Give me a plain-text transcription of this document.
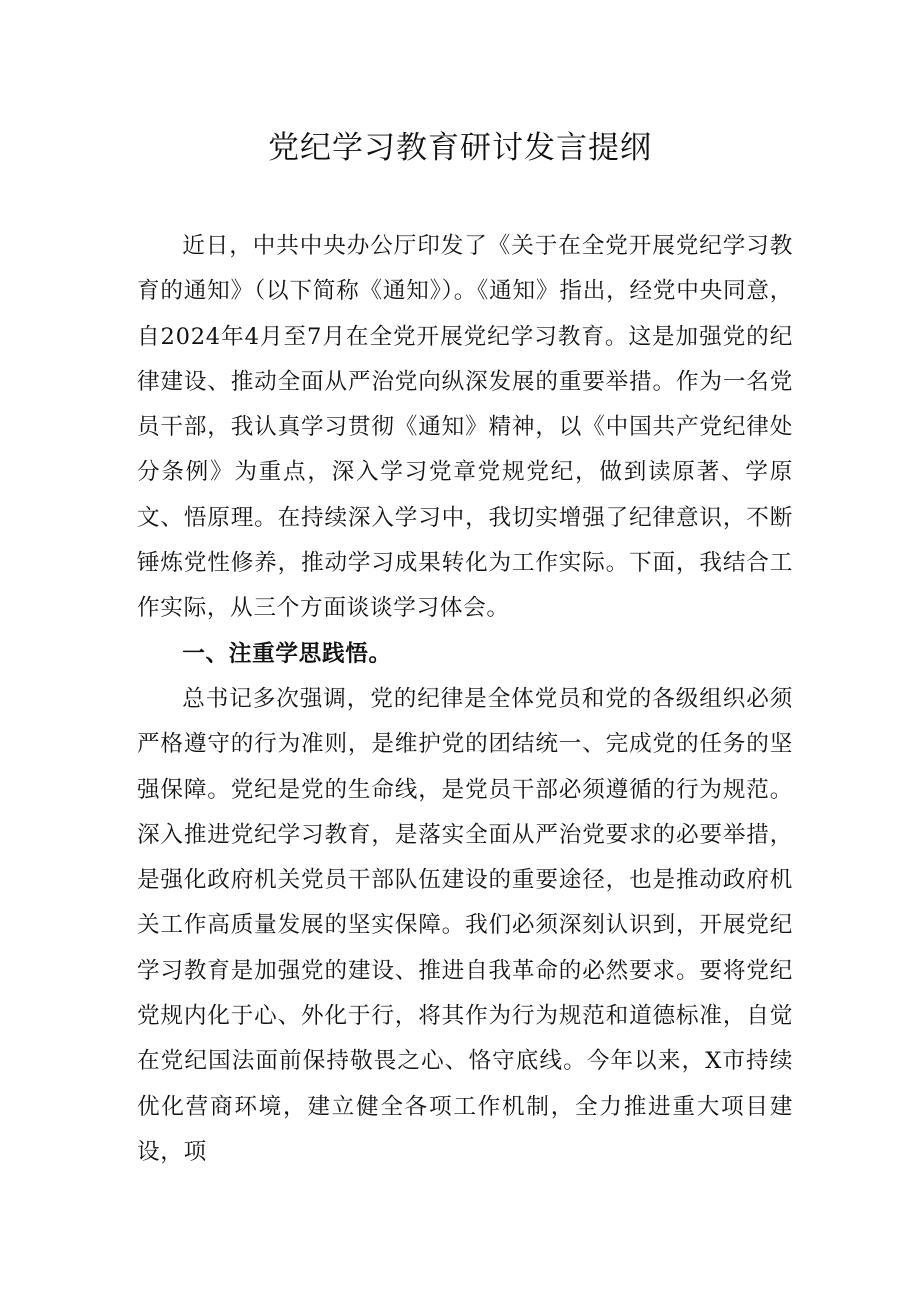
党纪学习教育研讨发言提纲

近日，中共中央办公厅印发了《关于在全党开展党纪学习教育的通知》（以下简称《通知》）。《通知》指出，经党中央同意，自2024年4月至7月在全党开展党纪学习教育。这是加强党的纪律建设、推动全面从严治党向纵深发展的重要举措。作为一名党员干部，我认真学习贯彻《通知》精神，以《中国共产党纪律处分条例》为重点，深入学习党章党规党纪，做到读原著、学原文、悟原理。在持续深入学习中，我切实增强了纪律意识，不断锤炼党性修养，推动学习成果转化为工作实际。下面，我结合工作实际，从三个方面谈谈学习体会。

一、注重学思践悟。

总书记多次强调，党的纪律是全体党员和党的各级组织必须严格遵守的行为准则，是维护党的团结统一、完成党的任务的坚强保障。党纪是党的生命线，是党员干部必须遵循的行为规范。深入推进党纪学习教育，是落实全面从严治党要求的必要举措，是强化政府机关党员干部队伍建设的重要途径，也是推动政府机关工作高质量发展的坚实保障。我们必须深刻认识到，开展党纪学习教育是加强党的建设、推进自我革命的必然要求。要将党纪党规内化于心、外化于行，将其作为行为规范和道德标准，自觉在党纪国法面前保持敬畏之心、恪守底线。今年以来，X市持续优化营商环境，建立健全各项工作机制，全力推进重大项目建设，项
